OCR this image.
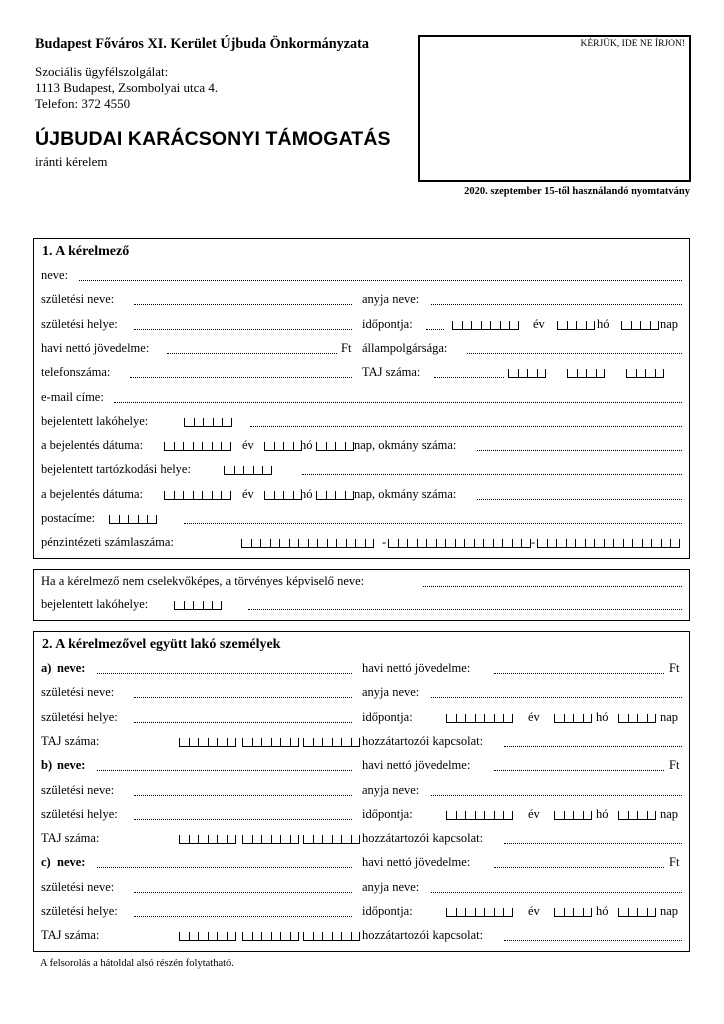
Budapest Főváros XI. Kerület Újbuda Önkormányzata
Szociális ügyfélszolgálat:
1113 Budapest, Zsombolyai utca 4.
Telefon: 372 4550
ÚJBUDAI KARÁCSONYI TÁMOGATÁS
iránti kérelem
KÉRJÜK, IDE NE ÍRJON!
2020. szeptember 15-től használandó nyomtatvány
1. A kérelmező
neve:
születési neve:	anyja neve:
születési helye:	időpontja:	év	hó	nap
havi nettó jövedelme:	Ft állampolgársága:
telefonszáma:	TAJ száma:
e-mail címe:
bejelentett lakóhelye:
a bejelentés dátuma:	év	hó	nap, okmány száma:
bejelentett tartózkodási helye:
a bejelentés dátuma:	év	hó	nap, okmány száma:
postacíme:
pénzintézeti számlaszáma:	-	-
Ha a kérelmező nem cselekvőképes, a törvényes képviselő neve:
bejelentett lakóhelye:
2. A kérelmezővel együtt lakó személyek
a) neve:	havi nettó jövedelme:	Ft
születési neve:	anyja neve:
születési helye:	időpontja:	év	hó	nap
TAJ száma:	hozzátartozói kapcsolat:
b) neve:	havi nettó jövedelme:	Ft
születési neve:	anyja neve:
születési helye:	időpontja:	év	hó	nap
TAJ száma:	hozzátartozói kapcsolat:
c) neve:	havi nettó jövedelme:	Ft
születési neve:	anyja neve:
születési helye:	időpontja:	év	hó	nap
TAJ száma:	hozzátartozói kapcsolat:
A felsorolás a hátoldal alsó részén folytatható.
